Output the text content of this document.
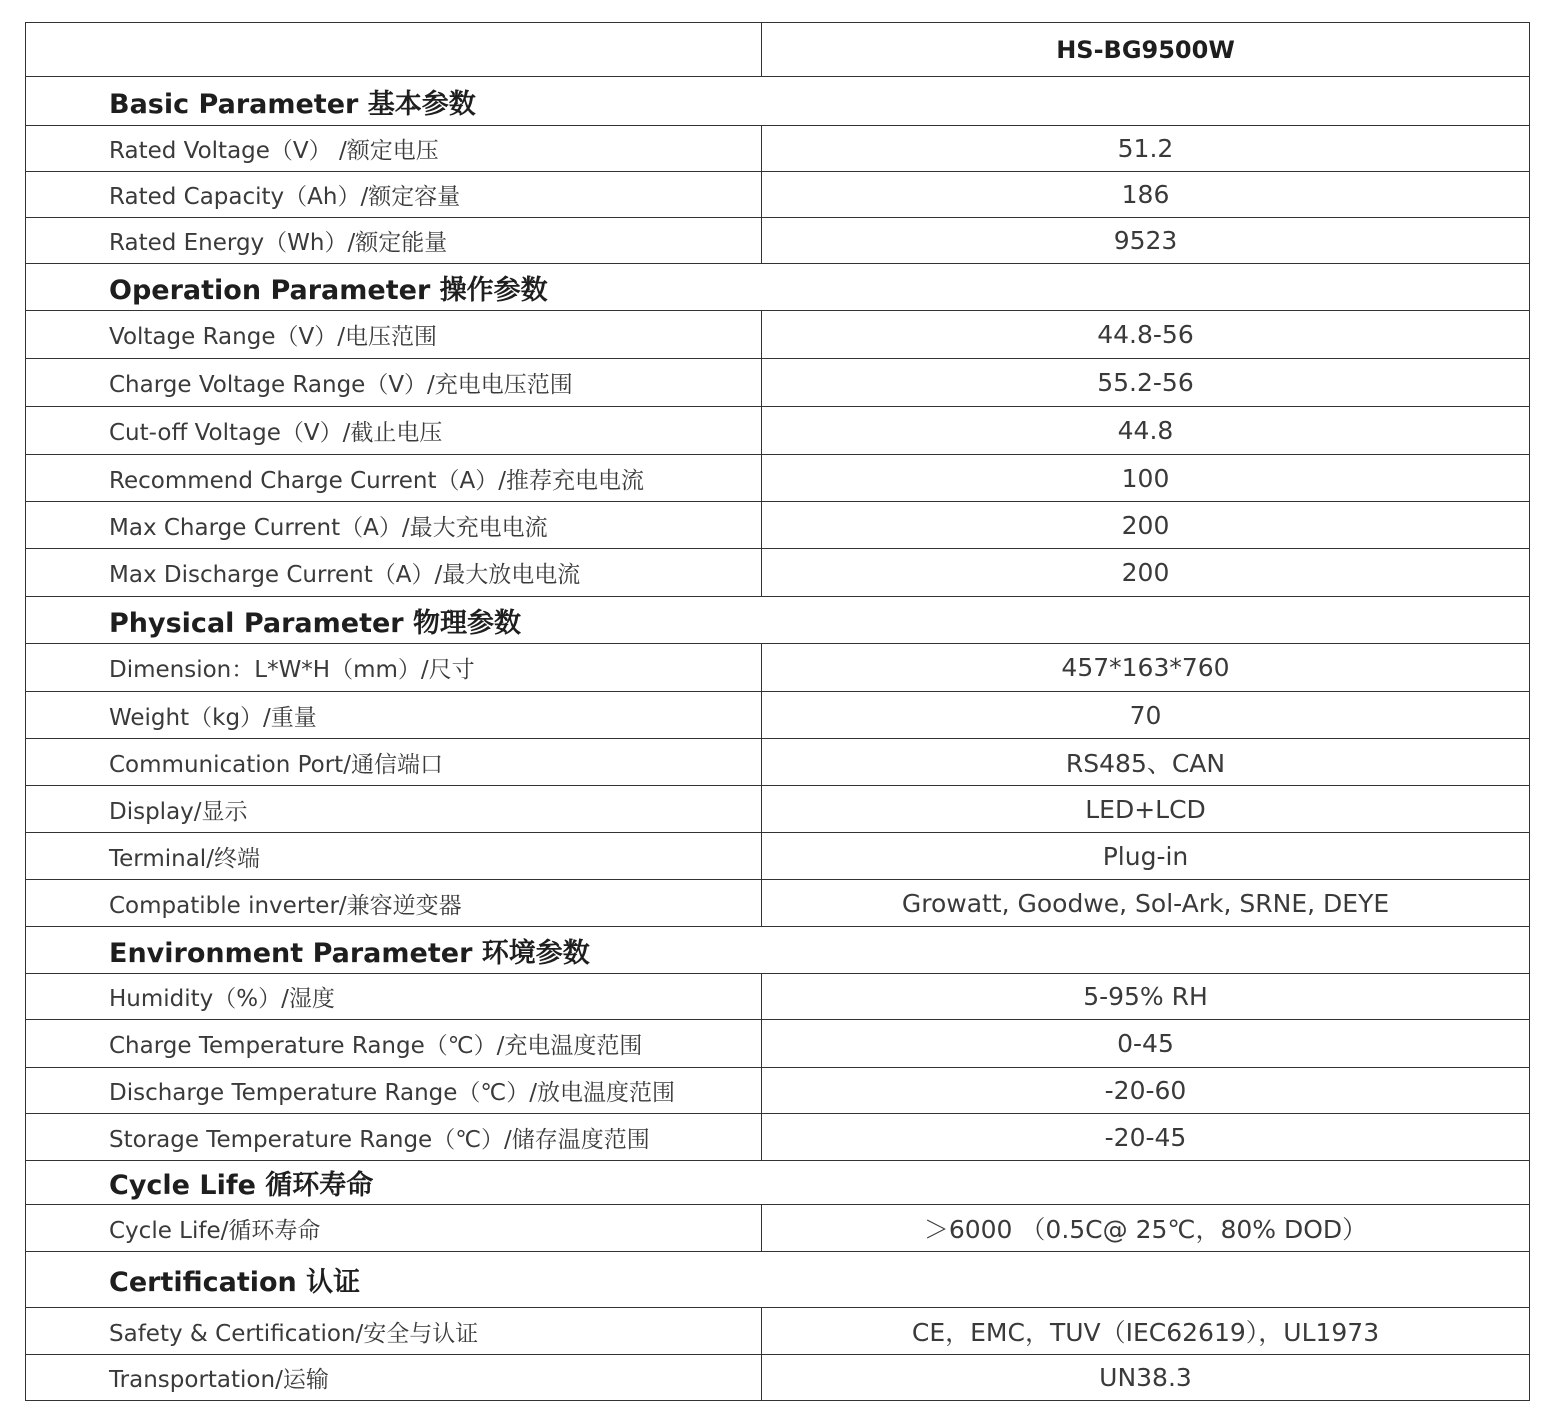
	HS-BG9500W
Basic Parameter 基本参数	
Rated Voltage（V） /额定电压	51.2
Rated Capacity（Ah）/额定容量	186
Rated Energy（Wh）/额定能量	9523
Operation Parameter 操作参数	
Voltage Range（V）/电压范围	44.8-56
Charge Voltage Range（V）/充电电压范围	55.2-56
Cut-off Voltage（V）/截止电压	44.8
Recommend Charge Current（A）/推荐充电电流	100
Max Charge Current（A）/最大充电电流	200
Max Discharge Current（A）/最大放电电流	200
Physical Parameter 物理参数	
Dimension：L*W*H（mm）/尺寸	457*163*760
Weight（kg）/重量	70
Communication Port/通信端口	RS485、CAN
Display/显示	LED+LCD
Terminal/终端	Plug-in
Compatible inverter/兼容逆变器	Growatt, Goodwe, Sol-Ark, SRNE, DEYE
Environment Parameter 环境参数	
Humidity（%）/湿度	5-95% RH
Charge Temperature Range（℃）/充电温度范围	0-45
Discharge Temperature Range（℃）/放电温度范围	-20-60
Storage Temperature Range（℃）/储存温度范围	-20-45
Cycle Life 循环寿命	
Cycle Life/循环寿命	＞6000 （0.5C@ 25℃，80% DOD）
Certification 认证	
Safety & Certification/安全与认证	CE，EMC，TUV（IEC62619），UL1973
Transportation/运输	UN38.3
